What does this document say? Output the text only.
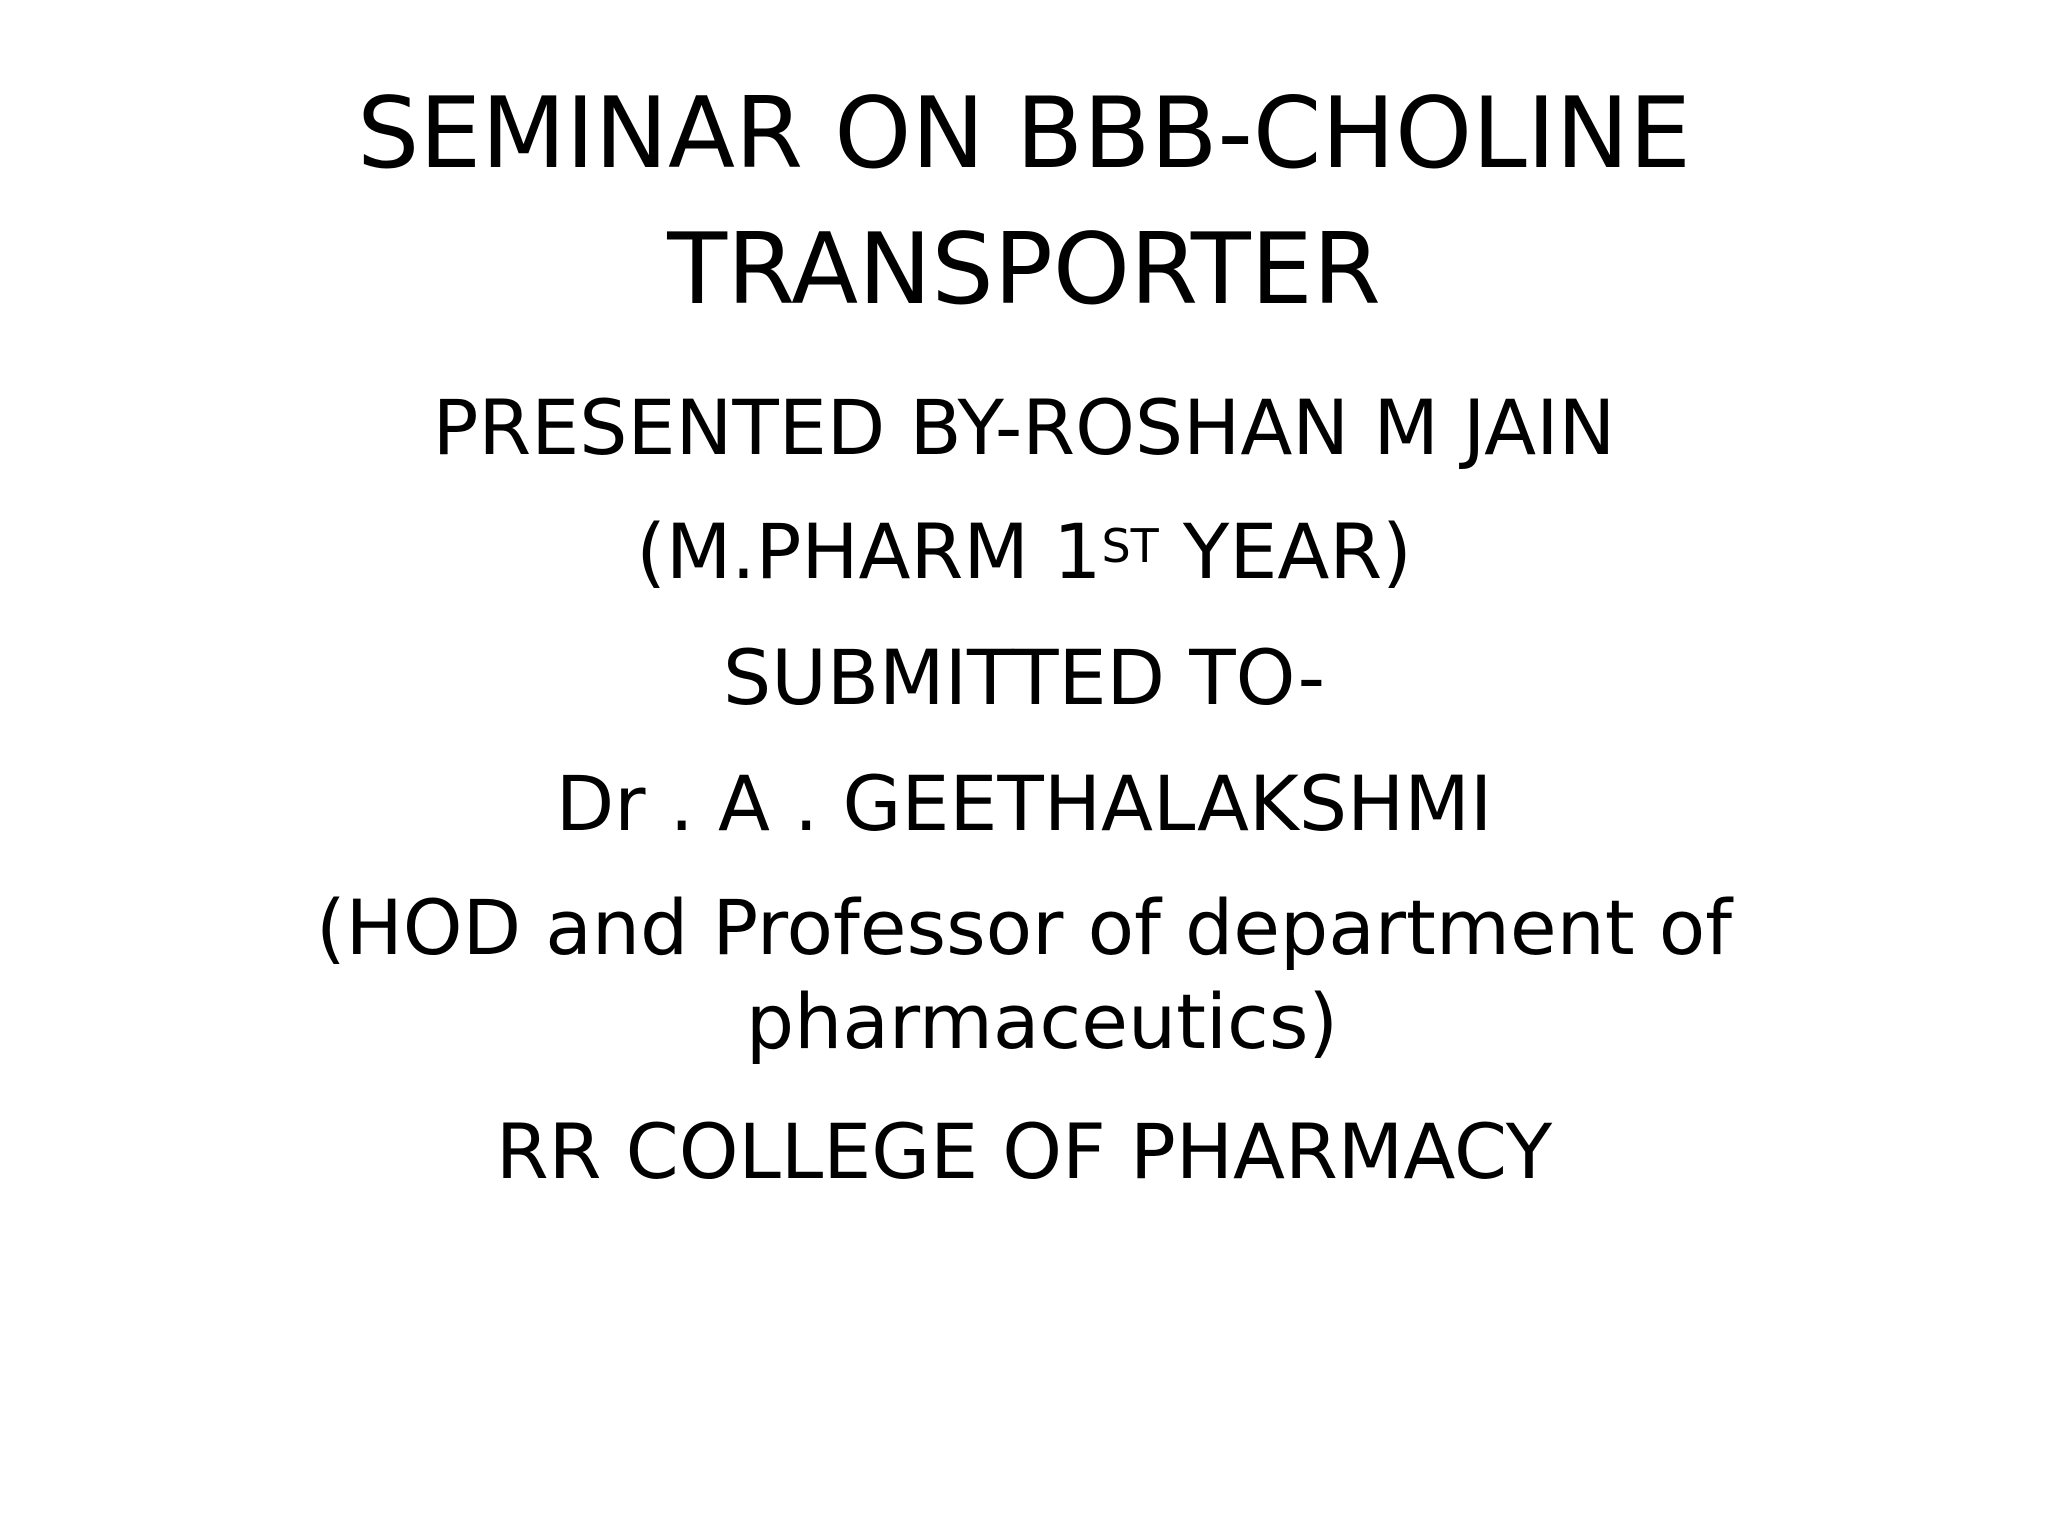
SEMINAR ON BBB-CHOLINE
TRANSPORTER
PRESENTED BY-ROSHAN M JAIN
(M.PHARM 1ST YEAR)
SUBMITTED TO-
Dr . A . GEETHALAKSHMI
(HOD and Professor of department of
pharmaceutics)
RR COLLEGE OF PHARMACY
